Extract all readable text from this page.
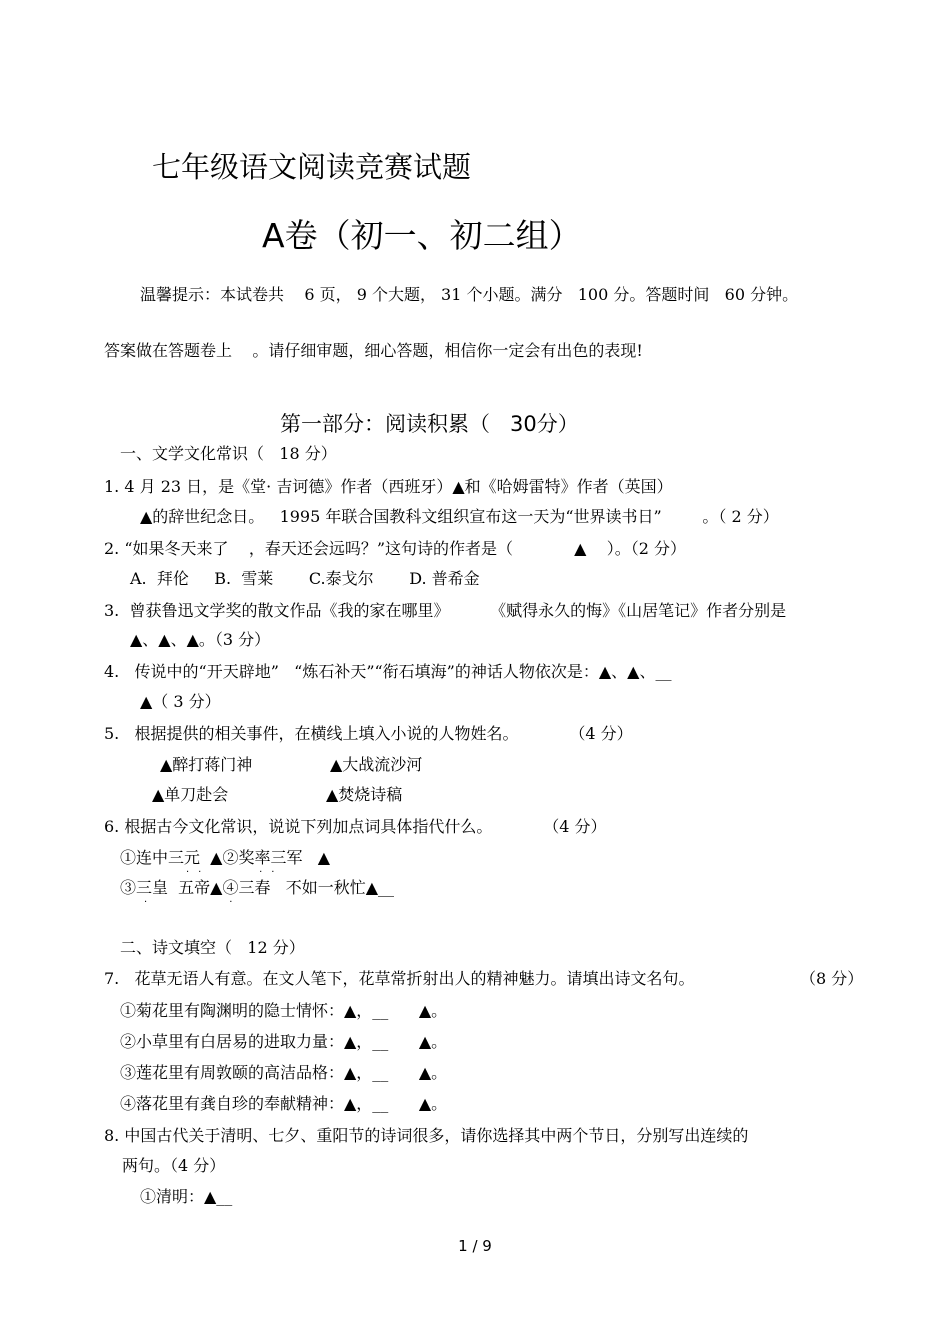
七年级语文阅读竞赛试题
A卷（初一、初二组）
温馨提示：本试卷共    6 页， 9 个大题， 31 个小题。满分   100 分。答题时间   60 分钟。
答案做在答题卷上    。请仔细审题，细心答题，相信你一定会有出色的表现!
第一部分：阅读积累（   30分）
一、文学文化常识（   18 分）
1. 4 月 23 日，是《堂· 吉诃德》作者（西班牙）▲和《哈姆雷特》作者（英国）
▲的辞世纪念日。   1995 年联合国教科文组织宣布这一天为“世界读书日”        。（ 2 分）
2. “如果冬天来了    ，春天还会远吗？”这句诗的作者是（            ▲    ）。（2 分）
A.  拜伦     B.  雪莱       C.泰戈尔       D. 普希金
3.  曾获鲁迅文学奖的散文作品《我的家在哪里》        《赋得永久的悔》《山居笔记》作者分别是
▲、▲、▲。（3 分）
4.   传说中的“开天辟地”   “炼石补天”“衔石填海”的神话人物依次是：▲、▲、__
▲（ 3 分）
5.   根据提供的相关事件，在横线上填入小说的人物姓名。          （4 分）
▲醉打蒋门神	▲大战流沙河
▲单刀赴会	▲焚烧诗稿
6. 根据古今文化常识，说说下列加点词具体指代什么。          （4 分）
①连中三元  ▲②奖率三军   ▲
··    ··
③三皇  五帝▲④三春   不如一秋忙▲__
·      ·
二、诗文填空（   12 分）
7.   花草无语人有意。在文人笔下，花草常折射出人的精神魅力。请填出诗文名句。	（8 分）
①菊花里有陶渊明的隐士情怀：▲，__      ▲。
②小草里有白居易的进取力量：▲，__      ▲。
③莲花里有周敦颐的高洁品格：▲，__      ▲。
④落花里有龚自珍的奉献精神：▲，__      ▲。
8. 中国古代关于清明、七夕、重阳节的诗词很多，请你选择其中两个节日，分别写出连续的
两句。（4 分）
①清明：▲__
1 / 9
